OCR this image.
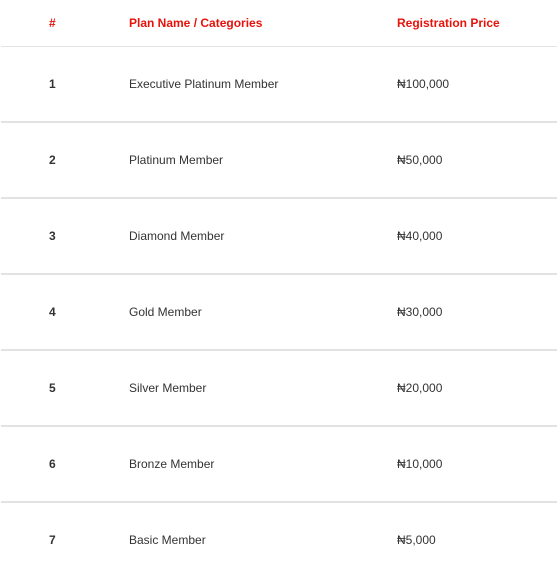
#	Plan Name / Categories	Registration Price
1	Executive Platinum Member	₦100,000
2	Platinum Member	₦50,000
3	Diamond Member	₦40,000
4	Gold Member	₦30,000
5	Silver Member	₦20,000
6	Bronze Member	₦10,000
7	Basic Member	₦5,000
